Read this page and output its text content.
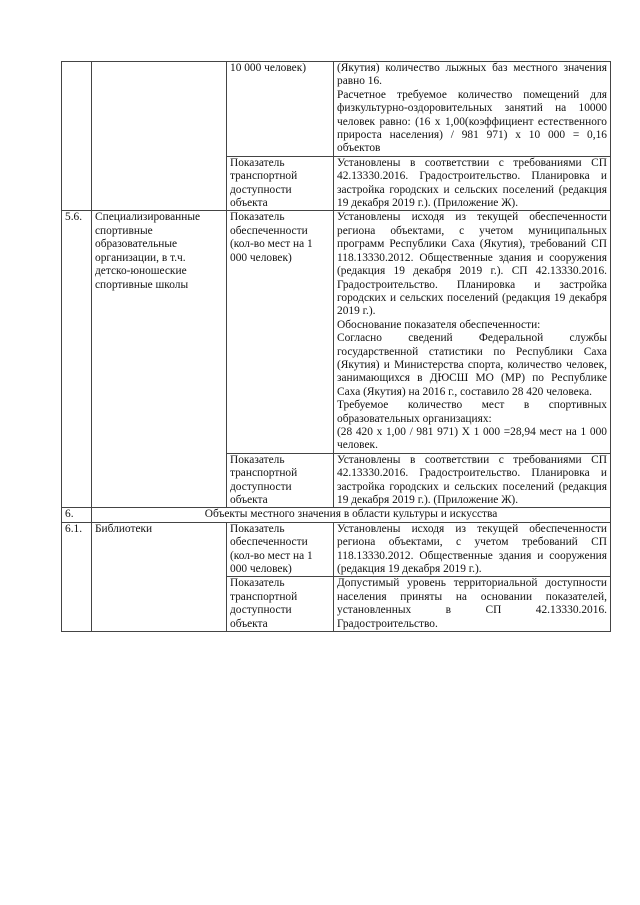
		10 000 человек)	(Якутия) количество лыжных баз местного значения равно 16.

Расчетное требуемое количество помещений для физкультурно-оздоровительных занятий на 10000 человек равно: (16 х 1,00(коэффициент естественного прироста населения) / 981 971) х 10 000 = 0,16 объектов

		Показатель транспортной доступности объекта	Установлены в соответствии с требованиями СП 42.13330.2016. Градостроительство. Планировка и застройка городских и сельских поселений (редакция 19 декабря 2019 г.). (Приложение Ж).
5.6.	Специализированные спортивные образовательные организации, в т.ч. детско-юношеские спортивные школы	Показатель обеспеченности (кол-во мест на 1 000 человек)	Установлены исходя из текущей обеспеченности региона объектами, с учетом муниципальных программ Республики Саха (Якутия), требований СП 118.13330.2012. Общественные здания и сооружения (редакция 19 декабря 2019 г.). СП 42.13330.2016. Градостроительство. Планировка и застройка городских и сельских поселений (редакция 19 декабря 2019 г.).

Обоснование показателя обеспеченности:

Согласно сведений Федеральной службы государственной статистики по Республики Саха (Якутия) и Министерства спорта, количество человек, занимающихся в ДЮСШ МО (МР) по Республике Саха (Якутия) на 2016 г., составило 28 420 человека.

Требуемое количество мест в спортивных образовательных организациях:

(28 420 х 1,00 / 981 971) Х 1 000 =28,94 мест на 1 000 человек.

		Показатель транспортной доступности объекта	Установлены в соответствии с требованиями СП 42.13330.2016. Градостроительство. Планировка и застройка городских и сельских поселений (редакция 19 декабря 2019 г.). (Приложение Ж).
6.	Объекты местного значения в области культуры и искусства		
6.1.	Библиотеки	Показатель обеспеченности (кол-во мест на 1 000 человек)	Установлены исходя из текущей обеспеченности региона объектами, с учетом требований СП 118.13330.2012. Общественные здания и сооружения (редакция 19 декабря 2019 г.).
		Показатель транспортной доступности объекта	Допустимый уровень территориальной доступности населения приняты на основании показателей, установленных в СП 42.13330.2016. Градостроительство.
